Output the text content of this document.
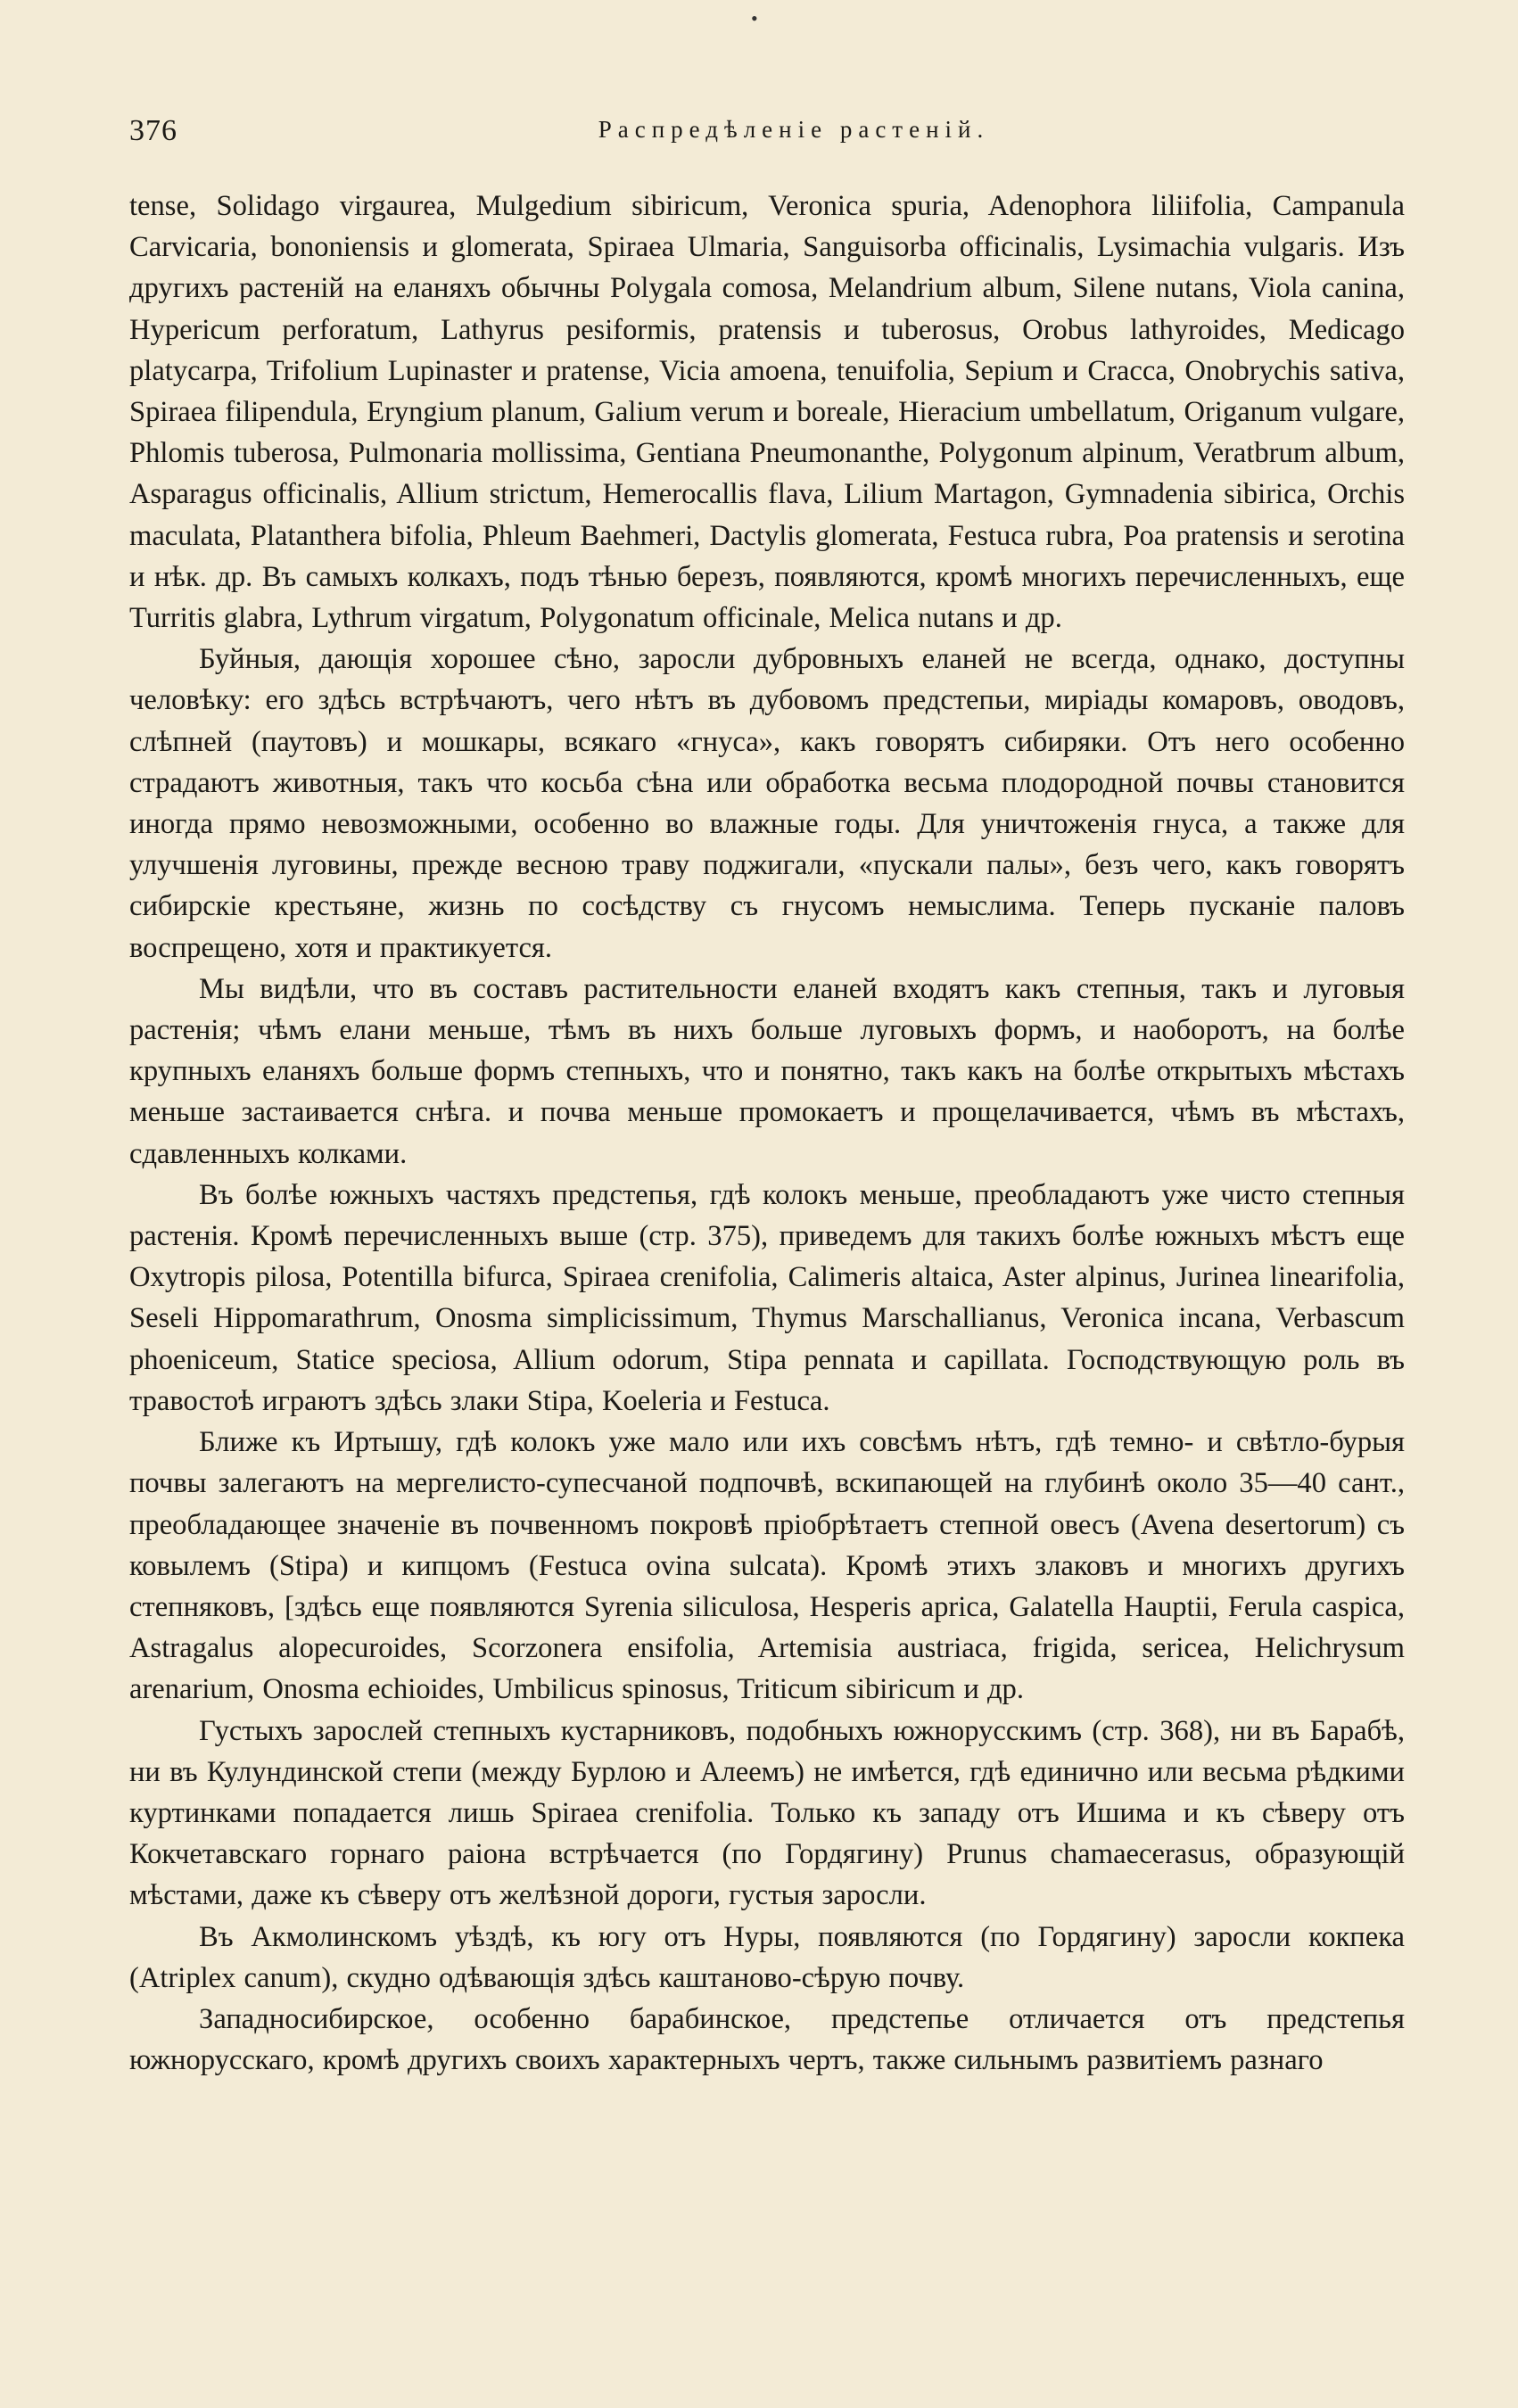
•
376	Распредѣленіе растеній.

tense, Solidago virgaurea, Mulgedium sibiricum, Veronica spuria, Adenophora liliifolia, Campanula Carvicaria, bononiensis и glomerata, Spiraea Ulmaria, Sanguisorba officinalis, Lysimachia vulgaris. Изъ другихъ растеній на еланяхъ обычны Polygala comosa, Melandrium album, Silene nutans, Viola canina, Hypericum perforatum, Lathyrus pesiformis, pratensis и tuberosus, Orobus lathyroides, Medicago platycarpa, Trifolium Lupinaster и pratense, Vicia amoena, tenuifolia, Sepium и Cracca, Onobrychis sativa, Spiraea filipendula, Eryngium planum, Galium verum и boreale, Hieracium umbellatum, Origanum vulgare, Phlomis tuberosa, Pulmonaria mollissima, Gentiana Pneumonanthe, Polygonum alpinum, Veratbrum album, Asparagus officinalis, Allium strictum, Hemerocallis flava, Lilium Martagon, Gymnadenia sibirica, Orchis maculata, Platanthera bifolia, Phleum Baehmeri, Dactylis glomerata, Festuca rubra, Poa pratensis и serotina и нѣк. др. Въ самыхъ колкахъ, подъ тѣнью березъ, появляются, кромѣ многихъ перечисленныхъ, еще Turritis glabra, Lythrum virgatum, Polygonatum officinale, Melica nutans и др.

Буйныя, дающія хорошее сѣно, заросли дубровныхъ еланей не всегда, однако, доступны человѣку: его здѣсь встрѣчаютъ, чего нѣтъ въ дубовомъ предстепьи, миріады комаровъ, оводовъ, слѣпней (паутовъ) и мошкары, всякаго «гнуса», какъ говорятъ сибиряки. Отъ него особенно страдаютъ животныя, такъ что косьба сѣна или обработка весьма плодородной почвы становится иногда прямо невозможными, особенно во влажные годы. Для уничтоженія гнуса, а также для улучшенія луговины, прежде весною траву поджигали, «пускали палы», безъ чего, какъ говорятъ сибирскіе крестьяне, жизнь по сосѣдству съ гнусомъ немыслима. Теперь пусканіе паловъ воспрещено, хотя и практикуется.

Мы видѣли, что въ составъ растительности еланей входятъ какъ степныя, такъ и луговыя растенія; чѣмъ елани меньше, тѣмъ въ нихъ больше луговыхъ формъ, и наоборотъ, на болѣе крупныхъ еланяхъ больше формъ степныхъ, что и понятно, такъ какъ на болѣе открытыхъ мѣстахъ меньше застаивается снѣга. и почва меньше промокаетъ и прощелачивается, чѣмъ въ мѣстахъ, сдавленныхъ колками.

Въ болѣе южныхъ частяхъ предстепья, гдѣ колокъ меньше, преобладаютъ уже чисто степныя растенія. Кромѣ перечисленныхъ выше (стр. 375), приведемъ для такихъ болѣе южныхъ мѣстъ еще Oxytropis pilosa, Potentilla bifurca, Spiraea crenifolia, Calimeris altaica, Aster alpinus, Jurinea linearifolia, Seseli Hippomarathrum, Onosma simplicissimum, Thymus Marschallianus, Veronica incana, Verbascum phoeniceum, Statice speciosa, Allium odorum, Stipa pennata и capillata. Господствующую роль въ травостоѣ играютъ здѣсь злаки Stipa, Koeleria и Festuca.

Ближе къ Иртышу, гдѣ колокъ уже мало или ихъ совсѣмъ нѣтъ, гдѣ темно- и свѣтло-бурыя почвы залегаютъ на мергелисто-супесчаной подпочвѣ, вскипающей на глубинѣ около 35—40 сант., преобладающее значеніе въ почвенномъ покровѣ пріобрѣтаетъ степной овесъ (Avena desertorum) съ ковылемъ (Stipa) и кипцомъ (Festuca ovina sulcata). Кромѣ этихъ злаковъ и многихъ другихъ степняковъ, [здѣсь еще появляются Syrenia siliculosa, Hesperis aprica, Galatella Hauptii, Ferula caspica, Astragalus alopecuroides, Scorzonera ensifolia, Artemisia austriaca, frigida, sericea, Helichrysum arenarium, Onosma echioides, Umbilicus spinosus, Triticum sibiricum и др.

Густыхъ зарослей степныхъ кустарниковъ, подобныхъ южнорусскимъ (стр. 368), ни въ Барабѣ, ни въ Кулундинской степи (между Бурлою и Алеемъ) не имѣется, гдѣ единично или весьма рѣдкими куртинками попадается лишь Spiraea crenifolia. Только къ западу отъ Ишима и къ сѣверу отъ Кокчетавскаго горнаго раіона встрѣчается (по Гордягину) Prunus chamaecerasus, образующій мѣстами, даже къ сѣверу отъ желѣзной дороги, густыя заросли.

Въ Акмолинскомъ уѣздѣ, къ югу отъ Нуры, появляются (по Гордягину) заросли кокпека (Atriplex canum), скудно одѣвающія здѣсь каштаново-сѣрую почву.

Западносибирское, особенно барабинское, предстепье отличается отъ предстепья южнорусскаго, кромѣ другихъ своихъ характерныхъ чертъ, также сильнымъ развитіемъ разнаго
